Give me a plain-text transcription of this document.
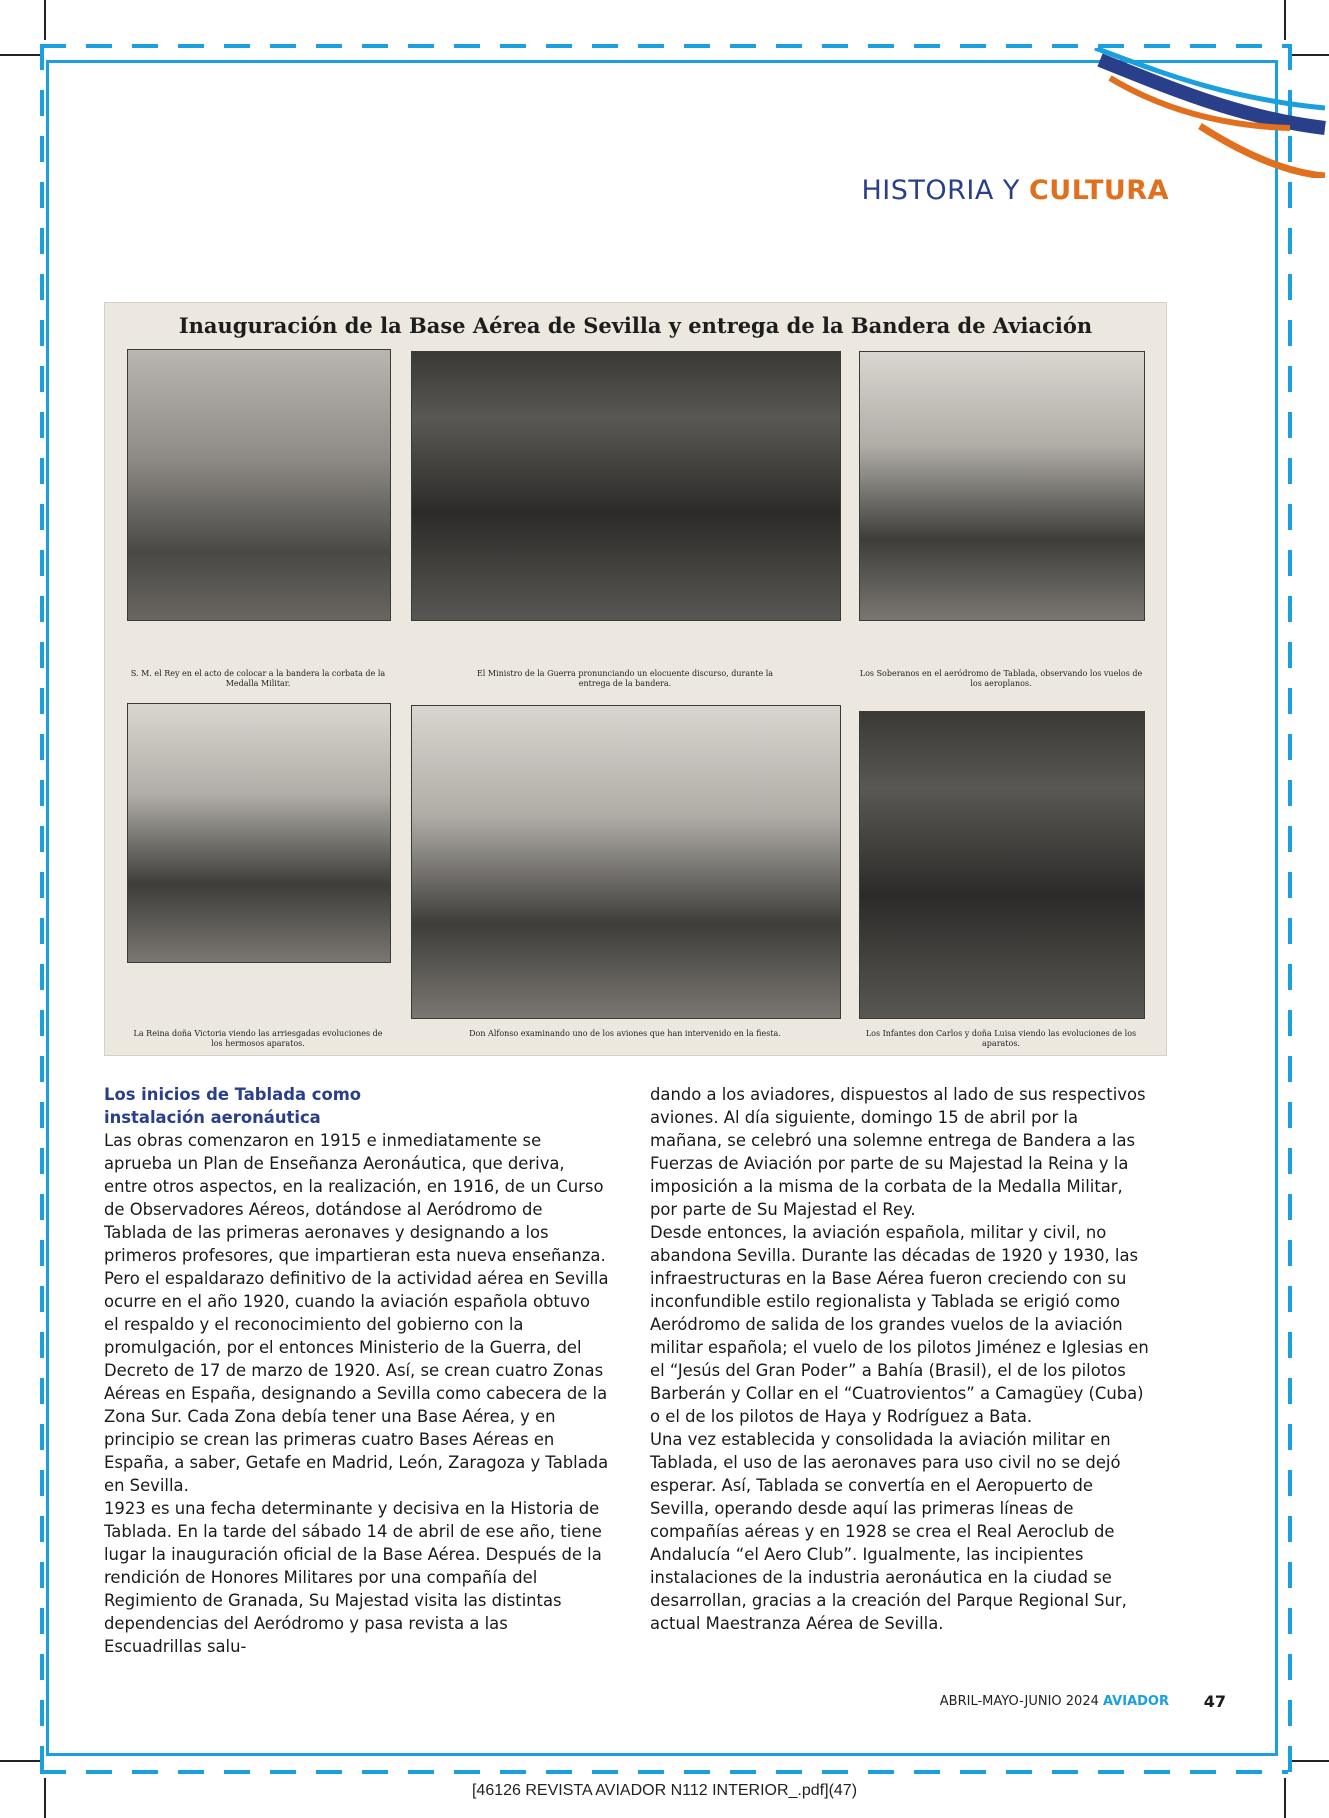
HISTORIA Y CULTURA
Inauguración de la Base Aérea de Sevilla y entrega de la Bandera de Aviación
S. M. el Rey en el acto de colocar a la bandera la corbata de la Medalla Militar.
El Ministro de la Guerra pronunciando un elocuente discurso, durante la entrega de la bandera.
Los Soberanos en el aeródromo de Tablada, observando los vuelos de los aeroplanos.
La Reina doña Victoria viendo las arriesgadas evoluciones de los hermosos aparatos.
Don Alfonso examinando uno de los aviones que han intervenido en la fiesta.	Los Infantes don Carlos y doña Luisa viendo las evoluciones de los aparatos.

Los inicios de Tablada como instalación aeronáutica

Las obras comenzaron en 1915 e inmediatamente se aprueba un Plan de Enseñanza Aeronáutica, que deriva, entre otros aspectos, en la realización, en 1916, de un Curso de Observadores Aéreos, dotándose al Aeródromo de Tablada de las primeras aeronaves y designando a los primeros profesores, que impartieran esta nueva enseñanza.

Pero el espaldarazo definitivo de la actividad aérea en Sevilla ocurre en el año 1920, cuando la aviación española obtuvo el respaldo y el reconocimiento del gobierno con la promulgación, por el entonces Ministerio de la Guerra, del Decreto de 17 de marzo de 1920. Así, se crean cuatro Zonas Aéreas en España, designando a Sevilla como cabecera de la Zona Sur. Cada Zona debía tener una Base Aérea, y en principio se crean las primeras cuatro Bases Aéreas en España, a saber, Getafe en Madrid, León, Zaragoza y Tablada en Sevilla.

1923 es una fecha determinante y decisiva en la Historia de Tablada. En la tarde del sábado 14 de abril de ese año, tiene lugar la inauguración oficial de la Base Aérea. Después de la rendición de Honores Militares por una compañía del Regimiento de Granada, Su Majestad visita las distintas dependencias del Aeródromo y pasa revista a las Escuadrillas salu-

dando a los aviadores, dispuestos al lado de sus respectivos aviones. Al día siguiente, domingo 15 de abril por la mañana, se celebró una solemne entrega de Bandera a las Fuerzas de Aviación por parte de su Majestad la Reina y la imposición a la misma de la corbata de la Medalla Militar, por parte de Su Majestad el Rey.

Desde entonces, la aviación española, militar y civil, no abandona Sevilla. Durante las décadas de 1920 y 1930, las infraestructuras en la Base Aérea fueron creciendo con su inconfundible estilo regionalista y Tablada se erigió como Aeródromo de salida de los grandes vuelos de la aviación militar española; el vuelo de los pilotos Jiménez e Iglesias en el “Jesús del Gran Poder” a Bahía (Brasil), el de los pilotos Barberán y Collar en el “Cuatrovientos” a Camagüey (Cuba) o el de los pilotos de Haya y Rodríguez a Bata.

Una vez establecida y consolidada la aviación militar en Tablada, el uso de las aeronaves para uso civil no se dejó esperar. Así, Tablada se convertía en el Aeropuerto de Sevilla, operando desde aquí las primeras líneas de compañías aéreas y en 1928 se crea el Real Aeroclub de Andalucía “el Aero Club”. Igualmente, las incipientes instalaciones de la industria aeronáutica en la ciudad se desarrollan, gracias a la creación del Parque Regional Sur, actual Maestranza Aérea de Sevilla.

ABRIL-MAYO-JUNIO 2024 AVIADOR 47
[46126 REVISTA AVIADOR N112 INTERIOR_.pdf](47)
